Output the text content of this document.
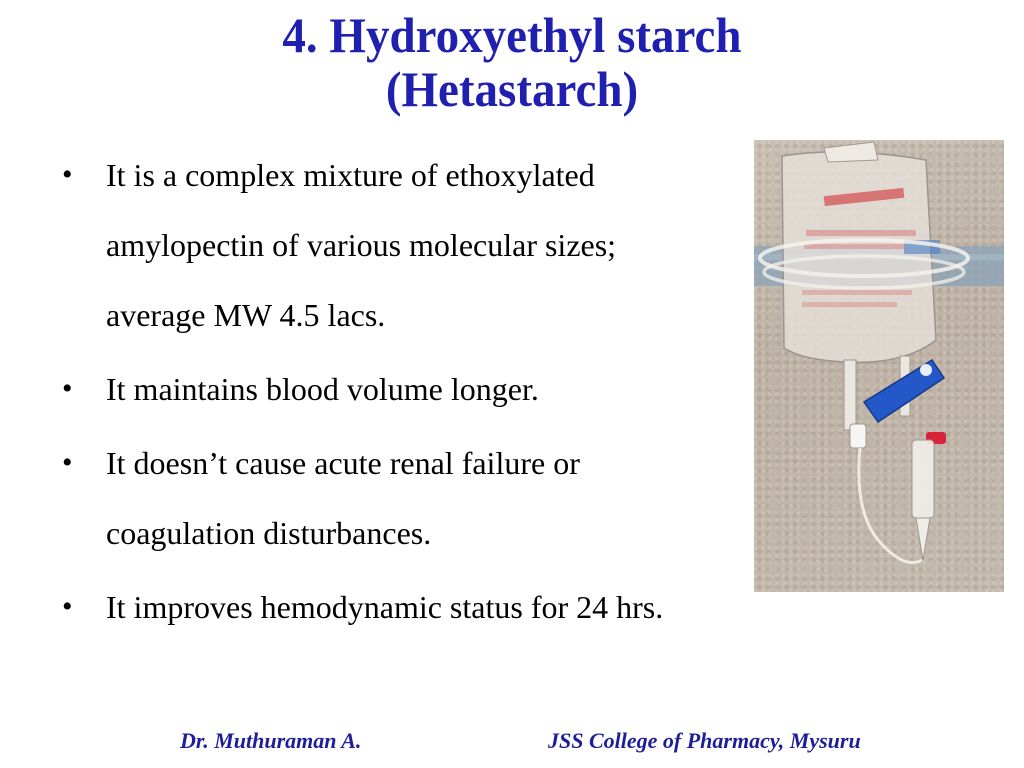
4. Hydroxyethyl starch
(Hetastarch)
• It is a complex mixture of ethoxylated
amylopectin of various molecular sizes;
average MW 4.5 lacs.
• It maintains blood volume longer.
• It doesn’t cause acute renal failure or
coagulation disturbances.
• It improves hemodynamic status for 24 hrs.
Dr. Muthuraman A.	JSS College of Pharmacy, Mysuru
